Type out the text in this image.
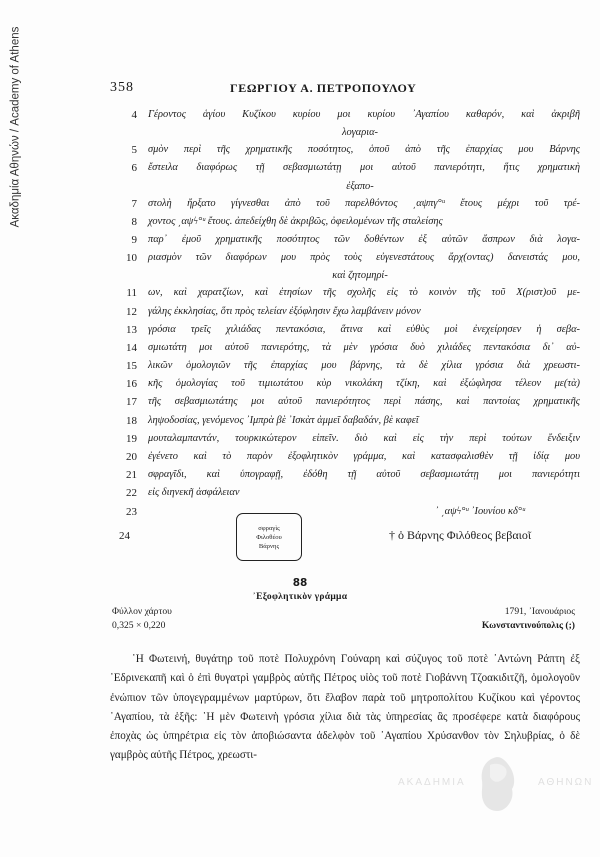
Ακαδημία Αθηνών / Academy of Athens	358	ΓΕΩΡΓΙΟΥ Α. ΠΕΤΡΟΠΟΥΛΟΥ
4 Γέροντος ἁγίου Κυζίκου κυρίου μοι κυρίου ᾿Αγαπίου καθαρόν, καὶ ἀκριβῆ
λογαρια-
5 σμὸν περὶ τῆς χρηματικῆς ποσότητος, ὁποῦ ἀπὸ τῆς ἐπαρχίας μου Βάρνης
6 ἔστειλα διαφόρως τῇ σεβασμιωτάτῃ μοι αὐτοῦ πανιερότητι, ἥτις χρηματικὴ
ἐξαπο-
7 στολὴ ἤρξατο γίγνεσθαι ἀπὸ τοῦ παρελθόντος ͵αψπγ°ᵘ ἔτους μέχρι τοῦ τρέ-
8 χοντος ͵αψϟ°ᵘ ἔτους. ἀπεδείχθη δὲ ἀκριβῶς, ὀφειλομένων τῆς σταλείσης
9 παρ᾿ ἐμοῦ χρηματικῆς ποσότητος τῶν δοθέντων ἐξ αὐτῶν ἄσπρων διὰ λογα-
10 ριασμὸν τῶν διαφόρων μου πρὸς τοὺς εὐγενεστάτους ἄρχ(οντας) δανειστάς μου,
καὶ ζητομηρί-
11 ων, καὶ χαρατζίων, καὶ ἐτησίων τῆς σχολῆς εἰς τὸ κοινὸν τῆς τοῦ Χ(ριστ)οῦ με-
12 γάλης ἐκκλησίας, ὅτι πρὸς τελείαν ἐξόφλησιν ἔχω λαμβάνειν μόνον
13 γρόσια τρεῖς χιλιάδας πεντακόσια, ἅτινα καὶ εὐθὺς μοὶ ἐνεχείρησεν ἡ σεβα-
14 σμιωτάτη μοι αὐτοῦ πανιερότης, τὰ μὲν γρόσια δυὸ χιλιάδες πεντακόσια δι᾿ αὐ-
15 λικῶν ὁμολογιῶν τῆς ἐπαρχίας μου βάρνης, τὰ δὲ χίλια γρόσια διὰ χρεωστι-
16 κῆς ὁμολογίας τοῦ τιμιωτάτου κὺρ νικολάκη τζίκη, καὶ ἐξώφλησα τέλεον με(τὰ)
17 τῆς σεβασμιωτάτης μοι αὐτοῦ πανιερότητος περὶ πάσης, καὶ παντοίας χρηματικῆς
18 ληψοδοσίας, γενόμενος ᾿Ιμπρὰ βὲ ᾿Ισκὰτ ἀμμεῖ δαβαδάν, βὲ καφεῖ
19 μουταλαμπαντάν, τουρκικώτερον εἰπεῖν. διὸ καὶ εἰς τὴν περὶ τούτων ἔνδειξιν
20 ἐγένετο καὶ τὸ παρὸν ἐξοφλητικὸν γράμμα, καὶ κατασφαλισθὲν τῇ ἰδίᾳ μου
21 σφραγῖδι, καὶ ὑπογραφῇ, ἐδόθη τῇ αὐτοῦ σεβασμιωτάτῃ μοι πανιερότητι
22 εἰς διηνεκῆ ἀσφάλειαν
23	᾿ ͵αψϟ°ᵘ ᾿Ιουνίου κδ°ᵘ
24
σφραγὶς
Φιλοθέου
Βάρνης
† ὁ Βάρνης Φιλόθεος βεβαιοῖ
88
᾿Εξοφλητικὸν γράμμα
Φύλλον χάρτου
0,325 × 0,220
1791, ᾿Ιανουάριος
Κωνσταντινούπολις (;)
῾Η Φωτεινή, θυγάτηρ τοῦ ποτὲ Πολυχρόνη Γούναρη καὶ σύζυγος τοῦ ποτὲ ᾿Αντώνη Ράπτη ἐξ ᾿Εδρινεκαπῆ καὶ ὁ ἐπὶ θυγατρὶ γαμβρὸς αὐτῆς Πέτρος υἱὸς τοῦ ποτὲ Γιοβάννη Τζοακιδιτζῆ, ὁμολογοῦν ἐνώπιον τῶν ὑπογεγραμμένων μαρτύρων, ὅτι ἔλαβον παρὰ τοῦ μητροπολίτου Κυζίκου καὶ γέροντος ᾿Αγαπίου, τὰ ἑξῆς: ῾Η μὲν Φωτεινὴ γρόσια χίλια διὰ τὰς ὑπηρεσίας ἃς προσέφερε κατὰ διαφόρους ἐποχὰς ὡς ὑπηρέτρια εἰς τὸν ἀποβιώσαντα ἀδελφὸν τοῦ ᾿Αγαπίου Χρύσανθον τὸν Σηλυβρίας, ὁ δὲ γαμβρὸς αὐτῆς Πέτρος, χρεωστι-
ΑΚΑΔΗΜΙΑ	ΑΘΗΝΩΝ
